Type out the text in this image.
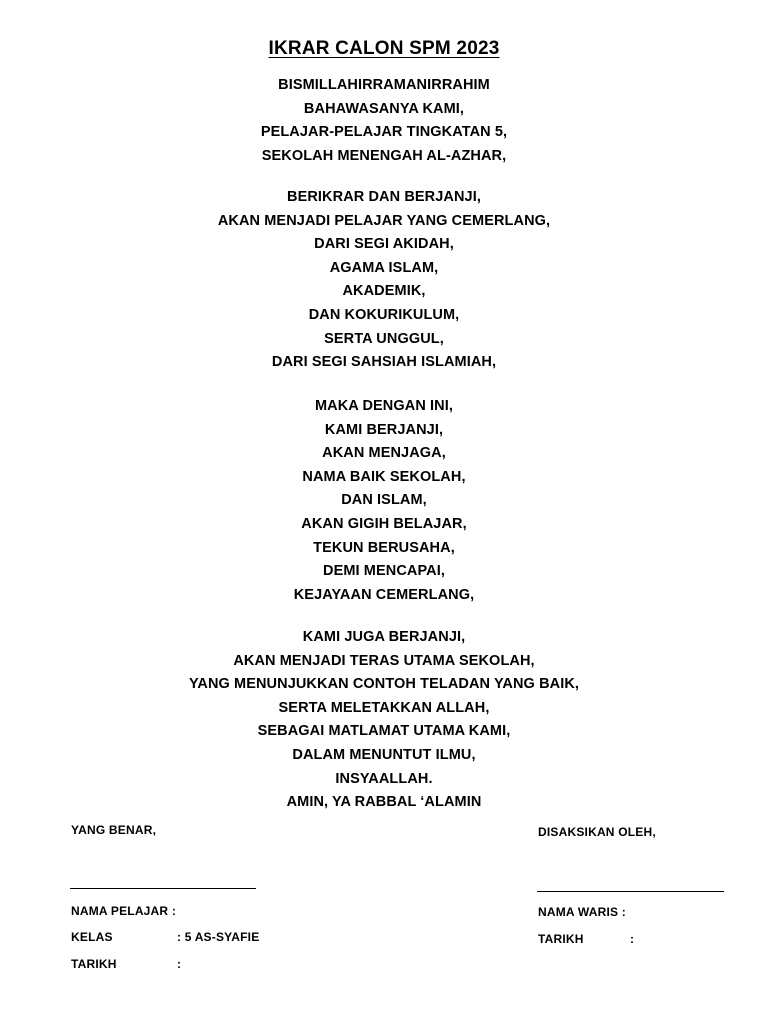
IKRAR CALON SPM 2023
BISMILLAHIRRAMANIRRAHIM
BAHAWASANYA KAMI,
PELAJAR-PELAJAR TINGKATAN 5,
SEKOLAH MENENGAH AL-AZHAR,
BERIKRAR DAN BERJANJI,
AKAN MENJADI PELAJAR YANG CEMERLANG,
DARI SEGI AKIDAH,
AGAMA ISLAM,
AKADEMIK,
DAN KOKURIKULUM,
SERTA UNGGUL,
DARI SEGI SAHSIAH ISLAMIAH,
MAKA DENGAN INI,
KAMI BERJANJI,
AKAN MENJAGA,
NAMA BAIK SEKOLAH,
DAN ISLAM,
AKAN GIGIH BELAJAR,
TEKUN BERUSAHA,
DEMI MENCAPAI,
KEJAYAAN CEMERLANG,
KAMI JUGA BERJANJI,
AKAN MENJADI TERAS UTAMA SEKOLAH,
YANG MENUNJUKKAN CONTOH TELADAN YANG BAIK,
SERTA MELETAKKAN ALLAH,
SEBAGAI MATLAMAT UTAMA KAMI,
DALAM MENUNTUT ILMU,
INSYAALLAH.
AMIN, YA RABBAL ‘ALAMIN
YANG BENAR,
NAMA PELAJAR :
KELAS	: 5 AS-SYAFIE
TARIKH	:
DISAKSIKAN OLEH,
NAMA WARIS :
TARIKH	:
